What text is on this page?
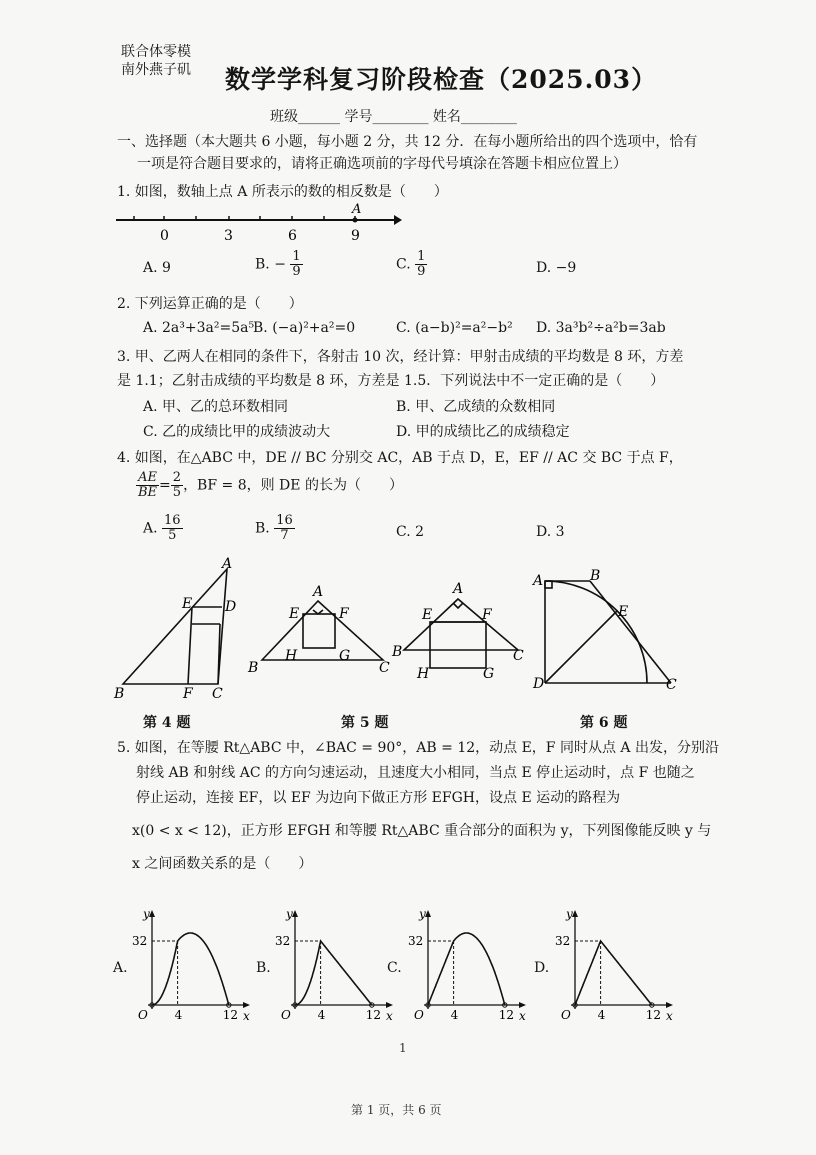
联合体零模
南外燕子矶 数学学科复习阶段检查（2025.03）
班级______ 学号________ 姓名________
一、选择题（本大题共 6 小题，每小题 2 分，共 12 分．在每小题所给出的四个选项中，恰有
一项是符合题目要求的，请将正确选项前的字母代号填涂在答题卡相应位置上）
1. 如图，数轴上点 A 所表示的数的相反数是（　　）
A
0	3	6	9
A. 9	B. − $\frac{1}{9}$	C. $\frac{1}{9}$	D. −9
2. 下列运算正确的是（　　）
A. 2a³+3a²=5a⁵
B. (−a)²+a²=0	C. (a−b)²=a²−b² D. 3a³b²÷a²b=3ab
3. 甲、乙两人在相同的条件下，各射击 10 次，经计算：甲射击成绩的平均数是 8 环，方差
是 1.1；乙射击成绩的平均数是 8 环，方差是 1.5．下列说法中不一定正确的是（　　）
A. 甲、乙的总环数相同	B. 甲、乙成绩的众数相同
C. 乙的成绩比甲的成绩波动大	D. 甲的成绩比乙的成绩稳定
4. 如图，在△ABC 中，DE // BC 分别交 AC，AB 于点 D，E，EF // AC 交 BC 于点 F，
$\frac{AE}{BE} = \frac{2}{5}$ ，BF = 8，则 DE 的长为（　　）
A. $\frac{16}{5}$	B. $\frac{16}{7}$	C. 2	D. 3
A
E D
B	F C
A
E	F
H	G
B	C
A
E	F
H	G
B	C
A	B
E
D	C
第 4 题	第 5 题	第 6 题
5. 如图，在等腰 Rt△ABC 中，∠BAC = 90°，AB = 12，动点 E，F 同时从点 A 出发，分别沿
射线 AB 和射线 AC 的方向匀速运动，且速度大小相同，当点 E 停止运动时，点 F 也随之
停止运动，连接 EF，以 EF 为边向下做正方形 EFGH，设点 E 运动的路程为
x(0 < x < 12)，正方形 EFGH 和等腰 Rt△ABC 重合部分的面积为 y，下列图像能反映 y 与
x 之间函数关系的是（　　）
A.	B.	C.	D.
y
x
O
32
4	12
y
x
O
32
4	12
y
x
O
32
4	12
y
x
O
32
4	12
1
第 1 页，共 6 页
